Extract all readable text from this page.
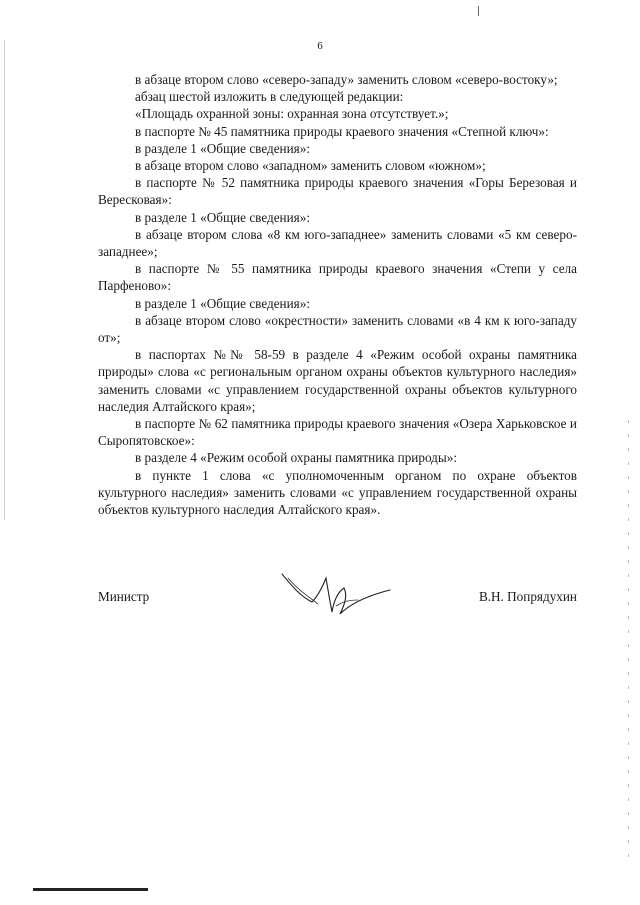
6

в абзаце втором слово «северо-западу» заменить словом «северо-востоку»;

абзац шестой изложить в следующей редакции:

«Площадь охранной зоны: охранная зона отсутствует.»;

в паспорте № 45 памятника природы краевого значения «Степной ключ»:

в разделе 1 «Общие сведения»:

в абзаце втором слово «западном» заменить словом «южном»;

в паспорте № 52 памятника природы краевого значения «Горы Березовая и Вересковая»:

в разделе 1 «Общие сведения»:

в абзаце втором слова «8 км юго-западнее» заменить словами «5 км северо-западнее»;

в паспорте № 55 памятника природы краевого значения «Степи у села Парфеново»:

в разделе 1 «Общие сведения»:

в абзаце втором слово «окрестности» заменить словами «в 4 км к юго-западу от»;

в паспортах №№ 58-59 в разделе 4 «Режим особой охраны памятника природы» слова «с региональным органом охраны объектов культурного наследия» заменить словами «с управлением государственной охраны объектов культурного наследия Алтайского края»;

в паспорте № 62 памятника природы краевого значения «Озера Харьковское и Сыропятовское»:

в разделе 4 «Режим особой охраны памятника природы»:

в пункте 1 слова «с уполномоченным органом по охране объектов культурного наследия» заменить словами «с управлением государственной охраны объектов культурного наследия Алтайского края».

Министр	В.Н. Попрядухин
